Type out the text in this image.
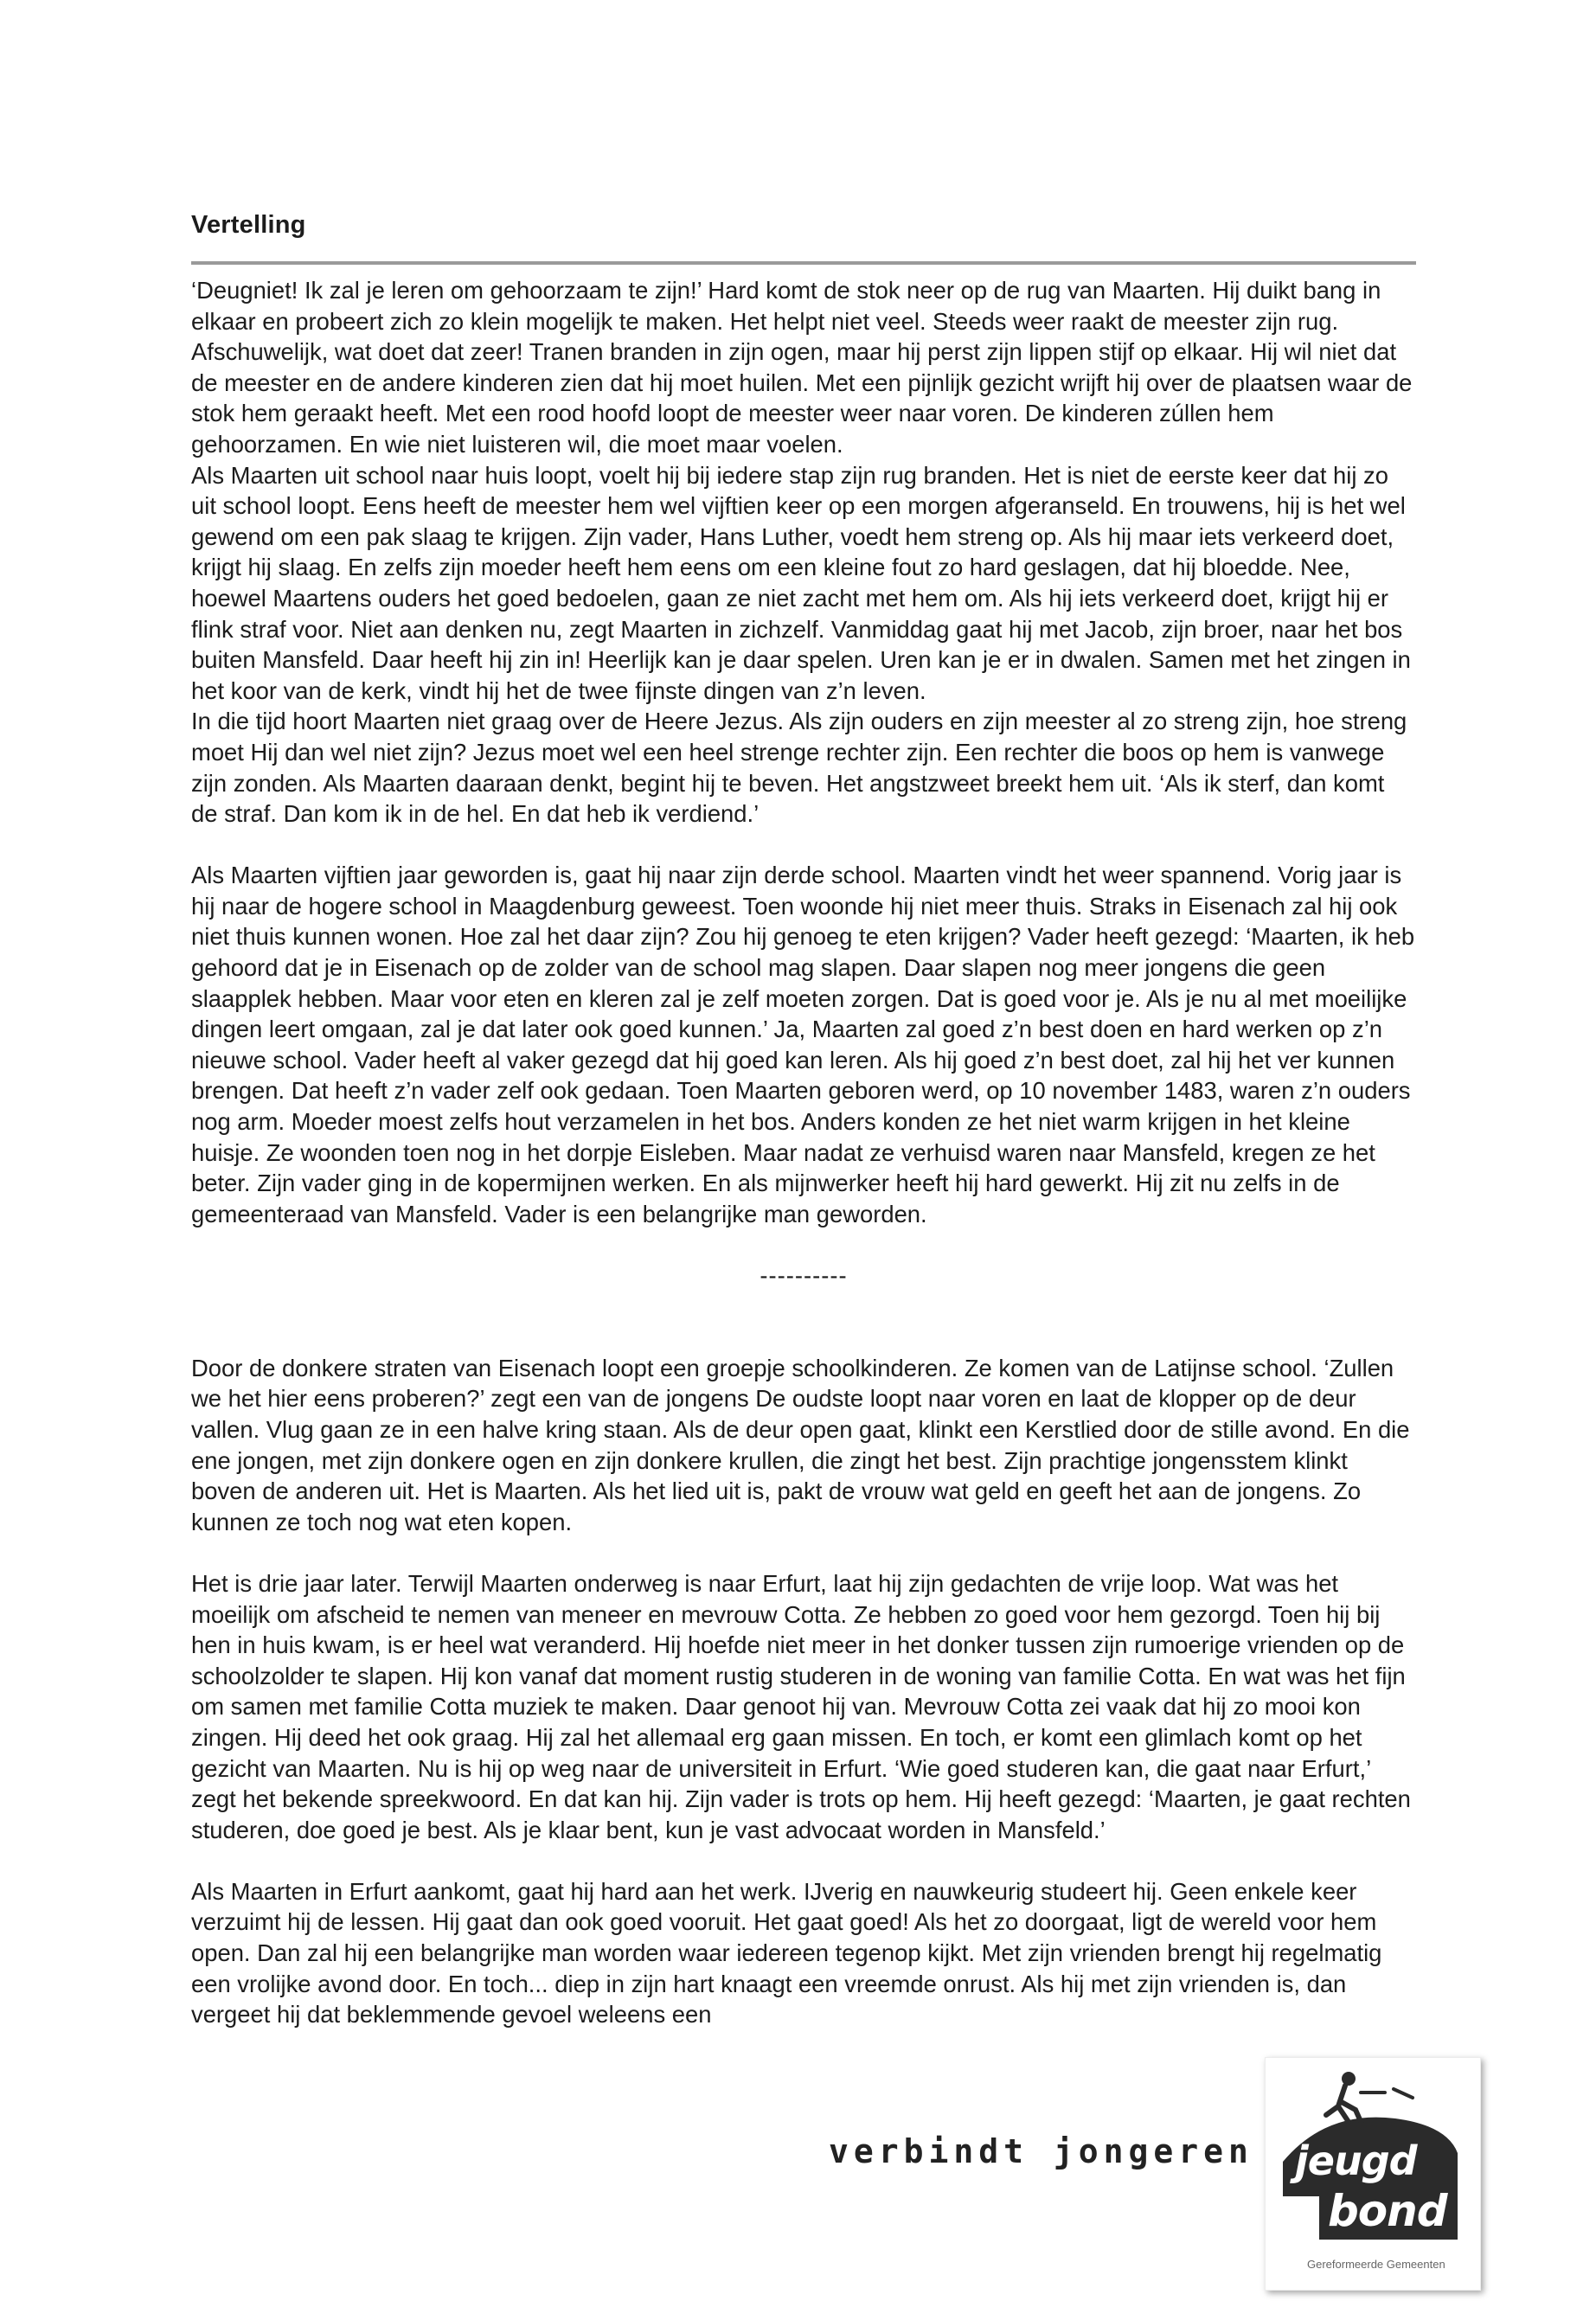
Vertelling

‘Deugniet! Ik zal je leren om gehoorzaam te zijn!’ Hard komt de stok neer op de rug van Maarten. Hij duikt bang in elkaar en probeert zich zo klein mogelijk te maken. Het helpt niet veel. Steeds weer raakt de meester zijn rug. Afschuwelijk, wat doet dat zeer! Tranen branden in zijn ogen, maar hij perst zijn lippen stijf op elkaar. Hij wil niet dat de meester en de andere kinderen zien dat hij moet huilen. Met een pijnlijk gezicht wrijft hij over de plaatsen waar de stok hem geraakt heeft. Met een rood hoofd loopt de meester weer naar voren. De kinderen zúllen hem gehoorzamen. En wie niet luisteren wil, die moet maar voelen.

Als Maarten uit school naar huis loopt, voelt hij bij iedere stap zijn rug branden. Het is niet de eerste keer dat hij zo uit school loopt. Eens heeft de meester hem wel vijftien keer op een morgen afgeranseld. En trouwens, hij is het wel gewend om een pak slaag te krijgen. Zijn vader, Hans Luther, voedt hem streng op. Als hij maar iets verkeerd doet, krijgt hij slaag. En zelfs zijn moeder heeft hem eens om een kleine fout zo hard geslagen, dat hij bloedde. Nee, hoewel Maartens ouders het goed bedoelen, gaan ze niet zacht met hem om. Als hij iets verkeerd doet, krijgt hij er flink straf voor. Niet aan denken nu, zegt Maarten in zichzelf. Vanmiddag gaat hij met Jacob, zijn broer, naar het bos buiten Mansfeld. Daar heeft hij zin in! Heerlijk kan je daar spelen. Uren kan je er in dwalen. Samen met het zingen in het koor van de kerk, vindt hij het de twee fijnste dingen van z’n leven.

In die tijd hoort Maarten niet graag over de Heere Jezus. Als zijn ouders en zijn meester al zo streng zijn, hoe streng moet Hij dan wel niet zijn? Jezus moet wel een heel strenge rechter zijn. Een rechter die boos op hem is vanwege zijn zonden. Als Maarten daaraan denkt, begint hij te beven. Het angstzweet breekt hem uit. ‘Als ik sterf, dan komt de straf. Dan kom ik in de hel. En dat heb ik verdiend.’

Als Maarten vijftien jaar geworden is, gaat hij naar zijn derde school. Maarten vindt het weer spannend. Vorig jaar is hij naar de hogere school in Maagdenburg geweest. Toen woonde hij niet meer thuis. Straks in Eisenach zal hij ook niet thuis kunnen wonen. Hoe zal het daar zijn? Zou hij genoeg te eten krijgen? Vader heeft gezegd: ‘Maarten, ik heb gehoord dat je in Eisenach op de zolder van de school mag slapen. Daar slapen nog meer jongens die geen slaapplek hebben. Maar voor eten en kleren zal je zelf moeten zorgen. Dat is goed voor je. Als je nu al met moeilijke dingen leert omgaan, zal je dat later ook goed kunnen.’ Ja, Maarten zal goed z’n best doen en hard werken op z’n nieuwe school. Vader heeft al vaker gezegd dat hij goed kan leren. Als hij goed z’n best doet, zal hij het ver kunnen brengen. Dat heeft z’n vader zelf ook gedaan. Toen Maarten geboren werd, op 10 november 1483, waren z’n ouders nog arm. Moeder moest zelfs hout verzamelen in het bos. Anders konden ze het niet warm krijgen in het kleine huisje. Ze woonden toen nog in het dorpje Eisleben. Maar nadat ze verhuisd waren naar Mansfeld, kregen ze het beter. Zijn vader ging in de kopermijnen werken. En als mijnwerker heeft hij hard gewerkt. Hij zit nu zelfs in de gemeenteraad van Mansfeld. Vader is een belangrijke man geworden.

----------

Door de donkere straten van Eisenach loopt een groepje schoolkinderen. Ze komen van de Latijnse school. ‘Zullen we het hier eens proberen?’ zegt een van de jongens De oudste loopt naar voren en laat de klopper op de deur vallen. Vlug gaan ze in een halve kring staan. Als de deur open gaat, klinkt een Kerstlied door de stille avond. En die ene jongen, met zijn donkere ogen en zijn donkere krullen, die zingt het best. Zijn prachtige jongensstem klinkt boven de anderen uit. Het is Maarten. Als het lied uit is, pakt de vrouw wat geld en geeft het aan de jongens. Zo kunnen ze toch nog wat eten kopen.

Het is drie jaar later. Terwijl Maarten onderweg is naar Erfurt, laat hij zijn gedachten de vrije loop. Wat was het moeilijk om afscheid te nemen van meneer en mevrouw Cotta. Ze hebben zo goed voor hem gezorgd. Toen hij bij hen in huis kwam, is er heel wat veranderd. Hij hoefde niet meer in het donker tussen zijn rumoerige vrienden op de schoolzolder te slapen. Hij kon vanaf dat moment rustig studeren in de woning van familie Cotta. En wat was het fijn om samen met familie Cotta muziek te maken. Daar genoot hij van. Mevrouw Cotta zei vaak dat hij zo mooi kon zingen. Hij deed het ook graag. Hij zal het allemaal erg gaan missen. En toch, er komt een glimlach komt op het gezicht van Maarten. Nu is hij op weg naar de universiteit in Erfurt. ‘Wie goed studeren kan, die gaat naar Erfurt,’ zegt het bekende spreekwoord. En dat kan hij. Zijn vader is trots op hem. Hij heeft gezegd: ‘Maarten, je gaat rechten studeren, doe goed je best. Als je klaar bent, kun je vast advocaat worden in Mansfeld.’

Als Maarten in Erfurt aankomt, gaat hij hard aan het werk. IJverig en nauwkeurig studeert hij. Geen enkele keer verzuimt hij de lessen. Hij gaat dan ook goed vooruit. Het gaat goed! Als het zo doorgaat, ligt de wereld voor hem open. Dan zal hij een belangrijke man worden waar iedereen tegenop kijkt. Met zijn vrienden brengt hij regelmatig een vrolijke avond door. En toch... diep in zijn hart knaagt een vreemde onrust. Als hij met zijn vrienden is, dan vergeet hij dat beklemmende gevoel weleens een

verbindt jongeren jeugd
bond
Gereformeerde Gemeenten
